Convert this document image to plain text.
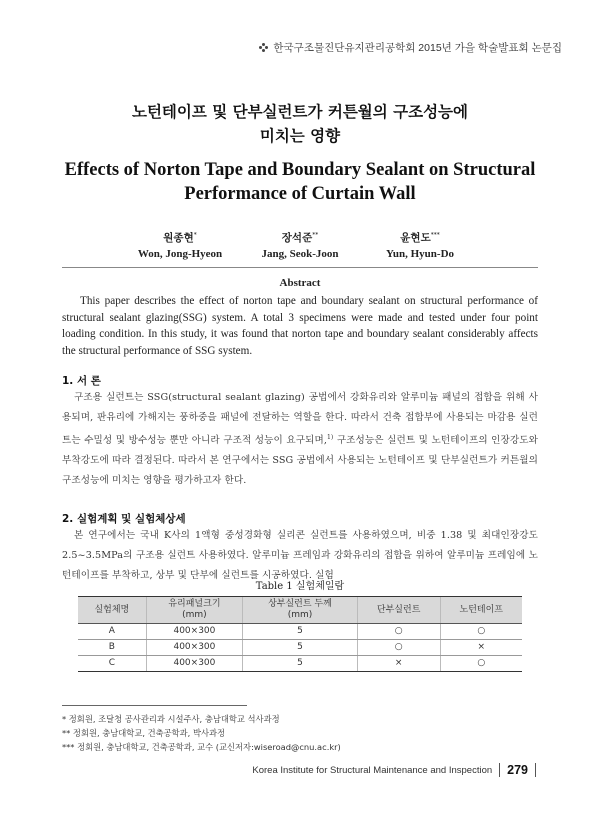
한국구조물진단유지관리공학회 2015년 가을 학술발표회 논문집
노턴테이프 및 단부실런트가 커튼월의 구조성능에
미치는 영향
Effects of Norton Tape and Boundary Sealant on Structural
Performance of Curtain Wall
원종현*
Won, Jong-Hyeon
장석준**
Jang, Seok-Joon
윤현도***
Yun, Hyun-Do
Abstract
This paper describes the effect of norton tape and boundary sealant on structural performance of structural sealant glazing(SSG) system. A total 3 specimens were made and tested under four point loading condition. In this study, it was found that norton tape and boundary sealant considerably affects the structural performance of SSG system.
1. 서 론
구조용 실런트는 SSG(structural sealant glazing) 공법에서 강화유리와 알루미늄 패널의 접합을 위해 사용되며, 판유리에 가해지는 풍하중을 패널에 전달하는 역할을 한다. 따라서 건축 접합부에 사용되는 마감용 실런트는 수밀성 및 방수성능 뿐만 아니라 구조적 성능이 요구되며,$^{1)}$ 구조성능은 실런트 및 노턴테이프의 인장강도와 부착강도에 따라 결정된다. 따라서 본 연구에서는 SSG 공법에서 사용되는 노턴테이프 및 단부실런트가 커튼월의 구조성능에 미치는 영향을 평가하고자 한다.
2. 실험계획 및 실험체상세
본 연구에서는 국내 K사의 1액형 중성경화형 실리콘 실런트를 사용하였으며, 비중 1.38 및 최대인장강도 2.5~3.5MPa의 구조용 실런트 사용하였다. 알루미늄 프레임과 강화유리의 접합을 위하여 알루미늄 프레임에 노턴테이프를 부착하고, 상부 및 단부에 실런트를 시공하였다. 실험
Table 1 실험체일람
실험체명	유리패널크기
(mm)	상부실런트 두께
(mm)	단부실런트	노턴테이프
A	400×300	5	○	○
B	400×300	5	○	×
C	400×300	5	×	○
* 정회원, 조달청 공사관리과 시설주사, 충남대학교 석사과정
** 정회원, 충남대학교, 건축공학과, 박사과정
*** 정회원, 충남대학교, 건축공학과, 교수 (교신저자:wiseroad@cnu.ac.kr)
Korea Institute for Structural Maintenance and Inspection 279
